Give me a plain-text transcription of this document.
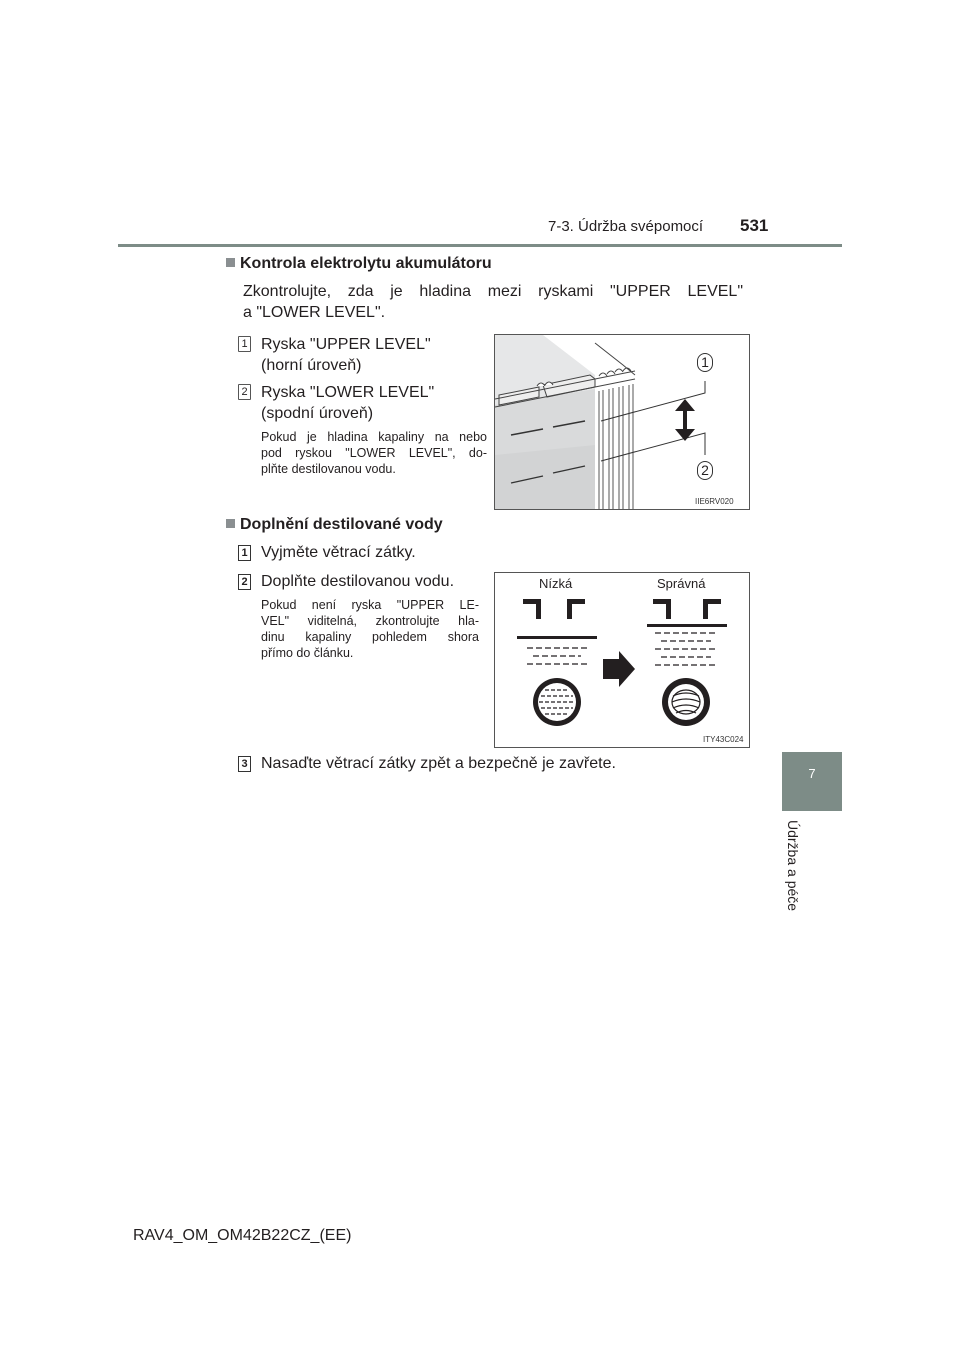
7-3. Údržba svépomocí 531
7
Údržba a péče
Kontrola elektrolytu akumulátoru
Zkontrolujte, zda je hladina mezi ryskami "UPPER LEVEL"
a "LOWER LEVEL".
1 Ryska "UPPER LEVEL"
(horní úroveň)
2 Ryska "LOWER LEVEL"
(spodní úroveň)
Pokud je hladina kapaliny na nebo
pod ryskou "LOWER LEVEL", do-
plňte destilovanou vodu.
1
2
IIE6RV020
Doplnění destilované vody
1 Vyjměte větrací zátky.
2 Doplňte destilovanou vodu.
Pokud není ryska "UPPER LE-
VEL" viditelná, zkontrolujte hla-
dinu kapaliny pohledem shora
přímo do článku.
Nízká	Správná
ITY43C024
3 Nasaďte větrací zátky zpět a bezpečně je zavřete.
RAV4_OM_OM42B22CZ_(EE)
